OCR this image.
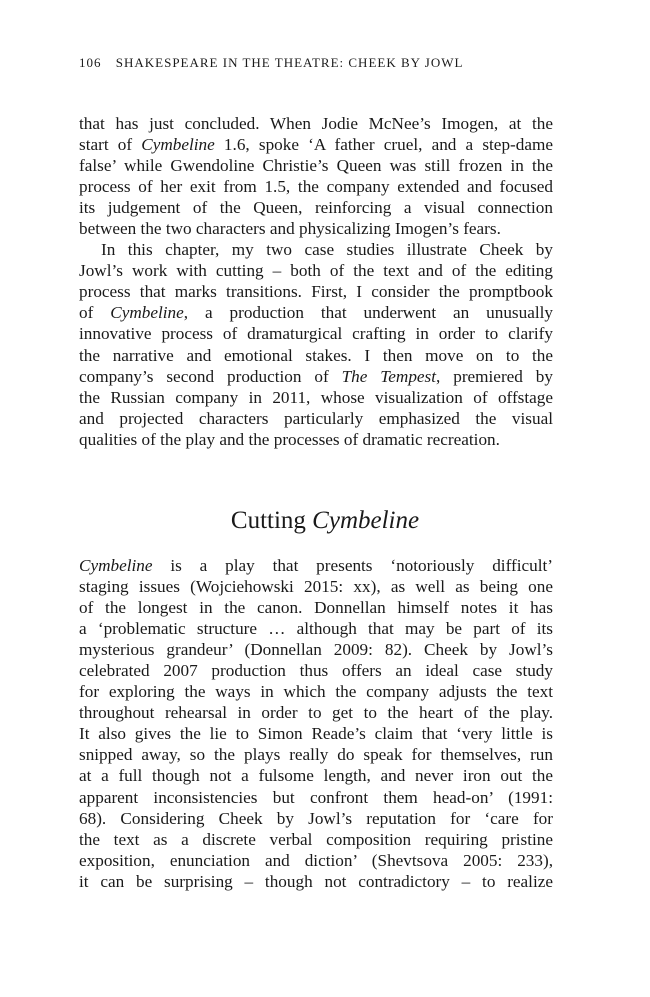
106 SHAKESPEARE IN THE THEATRE: CHEEK BY JOWL
that has just concluded. When Jodie McNee’s Imogen, at the
start of Cymbeline 1.6, spoke ‘A father cruel, and a step-dame
false’ while Gwendoline Christie’s Queen was still frozen in the
process of her exit from 1.5, the company extended and focused
its judgement of the Queen, reinforcing a visual connection
between the two characters and physicalizing Imogen’s fears.
In this chapter, my two case studies illustrate Cheek by
Jowl’s work with cutting – both of the text and of the editing
process that marks transitions. First, I consider the promptbook
of Cymbeline, a production that underwent an unusually
innovative process of dramaturgical crafting in order to clarify
the narrative and emotional stakes. I then move on to the
company’s second production of The Tempest, premiered by
the Russian company in 2011, whose visualization of offstage
and projected characters particularly emphasized the visual
qualities of the play and the processes of dramatic recreation.
Cutting Cymbeline
Cymbeline is a play that presents ‘notoriously difficult’
staging issues (Wojciehowski 2015: xx), as well as being one
of the longest in the canon. Donnellan himself notes it has
a ‘problematic structure … although that may be part of its
mysterious grandeur’ (Donnellan 2009: 82). Cheek by Jowl’s
celebrated 2007 production thus offers an ideal case study
for exploring the ways in which the company adjusts the text
throughout rehearsal in order to get to the heart of the play.
It also gives the lie to Simon Reade’s claim that ‘very little is
snipped away, so the plays really do speak for themselves, run
at a full though not a fulsome length, and never iron out the
apparent inconsistencies but confront them head-on’ (1991:
68). Considering Cheek by Jowl’s reputation for ‘care for
the text as a discrete verbal composition requiring pristine
exposition, enunciation and diction’ (Shevtsova 2005: 233),
it can be surprising – though not contradictory – to realize
